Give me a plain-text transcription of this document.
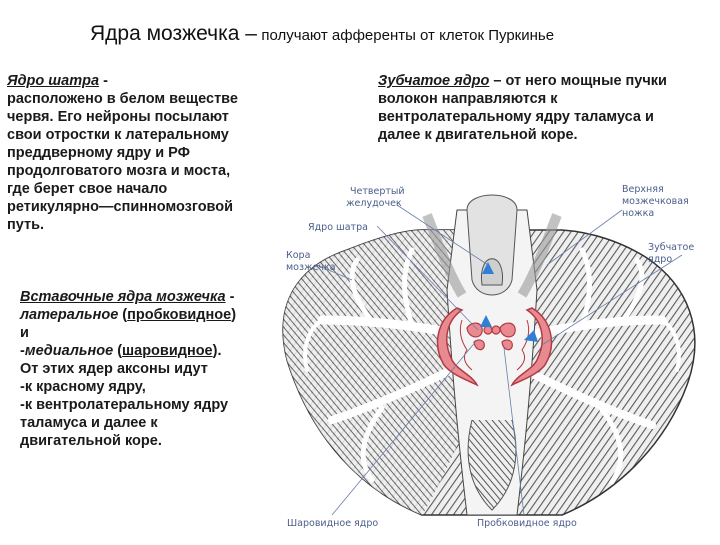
Ядра мозжечка – получают афференты от клеток Пуркинье
Ядро шатра -
расположено в белом веществе
червя. Его нейроны посылают
свои отростки к латеральному
преддверному ядру и РФ
продолговатого мозга и моста,
где берет свое начало
ретикулярно—спинномозговой
путь.
Зубчатое ядро – от него мощные пучки
волокон направляются к
вентролатеральному ядру таламуса и
далее к двигательной коре.
Вставочные ядра мозжечка -
латеральное (пробковидное)
и
-медиальное (шаровидное).
От этих ядер аксоны идут
-к красному ядру,
-к вентролатеральному ядру
таламуса и далее к
двигательной коре.
Четвертый
желудочек
Верхняя
мозжечковая
ножка
Ядро шатра
Зубчатое
ядро
Кора
мозжечка
Шаровидное ядро	Пробковидное ядро
